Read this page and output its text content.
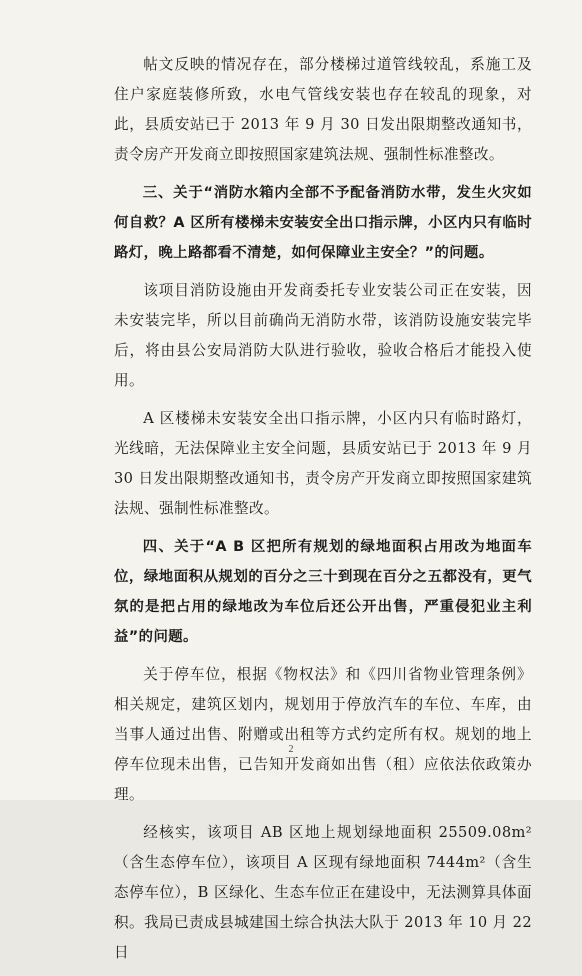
帖文反映的情况存在，部分楼梯过道管线较乱，系施工及住户家庭装修所致，水电气管线安装也存在较乱的现象，对此，县质安站已于 2013 年 9 月 30 日发出限期整改通知书，责令房产开发商立即按照国家建筑法规、强制性标准整改。

三、关于“消防水箱内全部不予配备消防水带，发生火灾如何自救？A 区所有楼梯未安装安全出口指示牌，小区内只有临时路灯，晚上路都看不清楚，如何保障业主安全？”的问题。

该项目消防设施由开发商委托专业安装公司正在安装，因未安装完毕，所以目前确尚无消防水带，该消防设施安装完毕后，将由县公安局消防大队进行验收，验收合格后才能投入使用。

A 区楼梯未安装安全出口指示牌，小区内只有临时路灯，光线暗，无法保障业主安全问题，县质安站已于 2013 年 9 月 30 日发出限期整改通知书，责令房产开发商立即按照国家建筑法规、强制性标准整改。

四、关于“A B 区把所有规划的绿地面积占用改为地面车位，绿地面积从规划的百分之三十到现在百分之五都没有，更气氛的是把占用的绿地改为车位后还公开出售，严重侵犯业主利益”的问题。

关于停车位，根据《物权法》和《四川省物业管理条例》相关规定，建筑区划内，规划用于停放汽车的车位、车库，由当事人通过出售、附赠或出租等方式约定所有权。规划的地上停车位现未出售，已告知开发商如出售（租）应依法依政策办理。

经核实，该项目 AB 区地上规划绿地面积 25509.08m²（含生态停车位），该项目 A 区现有绿地面积 7444m²（含生态停车位），B 区绿化、生态车位正在建设中，无法测算具体面积。我局已责成县城建国土综合执法大队于 2013 年 10 月 22 日

2
